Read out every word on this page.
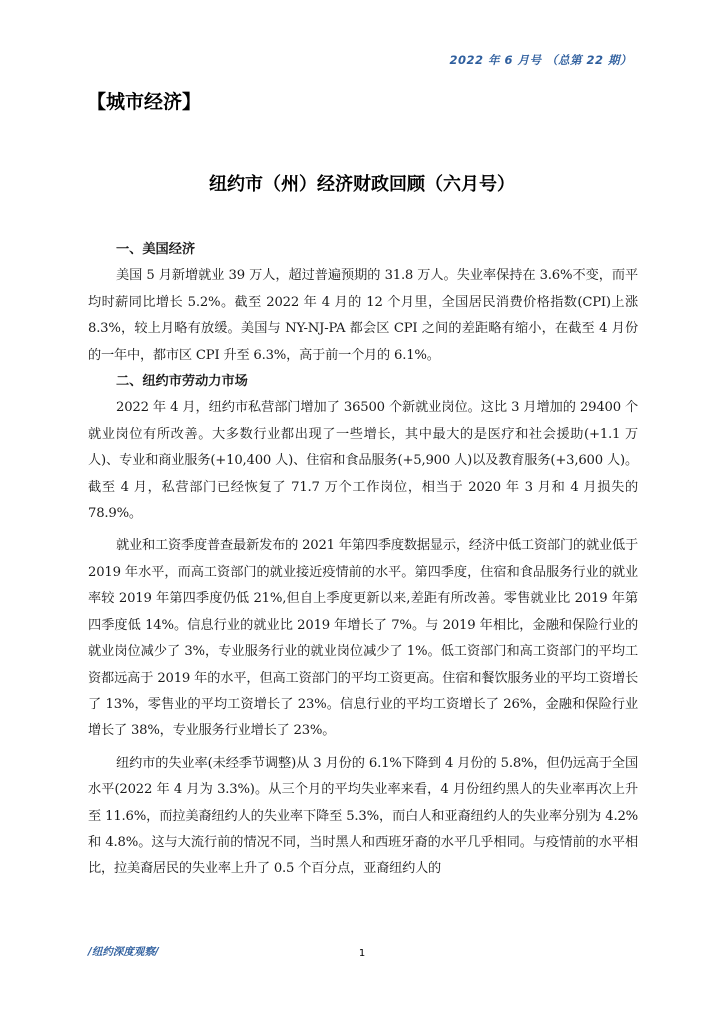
2022 年 6 月号 （总第 22 期）
【城市经济】
纽约市（州）经济财政回顾（六月号）

一、美国经济

美国 5 月新增就业 39 万人，超过普遍预期的 31.8 万人。失业率保持在 3.6%不变，而平均时薪同比增长 5.2%。截至 2022 年 4 月的 12 个月里，全国居民消费价格指数(CPI)上涨 8.3%，较上月略有放缓。美国与 NY-NJ-PA 都会区 CPI 之间的差距略有缩小，在截至 4 月份的一年中，都市区 CPI 升至 6.3%，高于前一个月的 6.1%。

二、纽约市劳动力市场

2022 年 4 月，纽约市私营部门增加了 36500 个新就业岗位。这比 3 月增加的 29400 个就业岗位有所改善。大多数行业都出现了一些增长，其中最大的是医疗和社会援助(+1.1 万人)、专业和商业服务(+10,400 人)、住宿和食品服务(+5,900 人)以及教育服务(+3,600 人)。截至 4 月，私营部门已经恢复了 71.7 万个工作岗位，相当于 2020 年 3 月和 4 月损失的 78.9%。

就业和工资季度普查最新发布的 2021 年第四季度数据显示，经济中低工资部门的就业低于 2019 年水平，而高工资部门的就业接近疫情前的水平。第四季度，住宿和食品服务行业的就业率较 2019 年第四季度仍低 21%,但自上季度更新以来,差距有所改善。零售就业比 2019 年第四季度低 14%。信息行业的就业比 2019 年增长了 7%。与 2019 年相比，金融和保险行业的就业岗位减少了 3%，专业服务行业的就业岗位减少了 1%。低工资部门和高工资部门的平均工资都远高于 2019 年的水平，但高工资部门的平均工资更高。住宿和餐饮服务业的平均工资增长了 13%，零售业的平均工资增长了 23%。信息行业的平均工资增长了 26%，金融和保险行业增长了 38%，专业服务行业增长了 23%。

纽约市的失业率(未经季节调整)从 3 月份的 6.1%下降到 4 月份的 5.8%，但仍远高于全国水平(2022 年 4 月为 3.3%)。从三个月的平均失业率来看，4 月份纽约黑人的失业率再次上升至 11.6%，而拉美裔纽约人的失业率下降至 5.3%，而白人和亚裔纽约人的失业率分别为 4.2%和 4.8%。这与大流行前的情况不同，当时黑人和西班牙裔的水平几乎相同。与疫情前的水平相比，拉美裔居民的失业率上升了 0.5 个百分点，亚裔纽约人的

/纽约深度观察/	1
